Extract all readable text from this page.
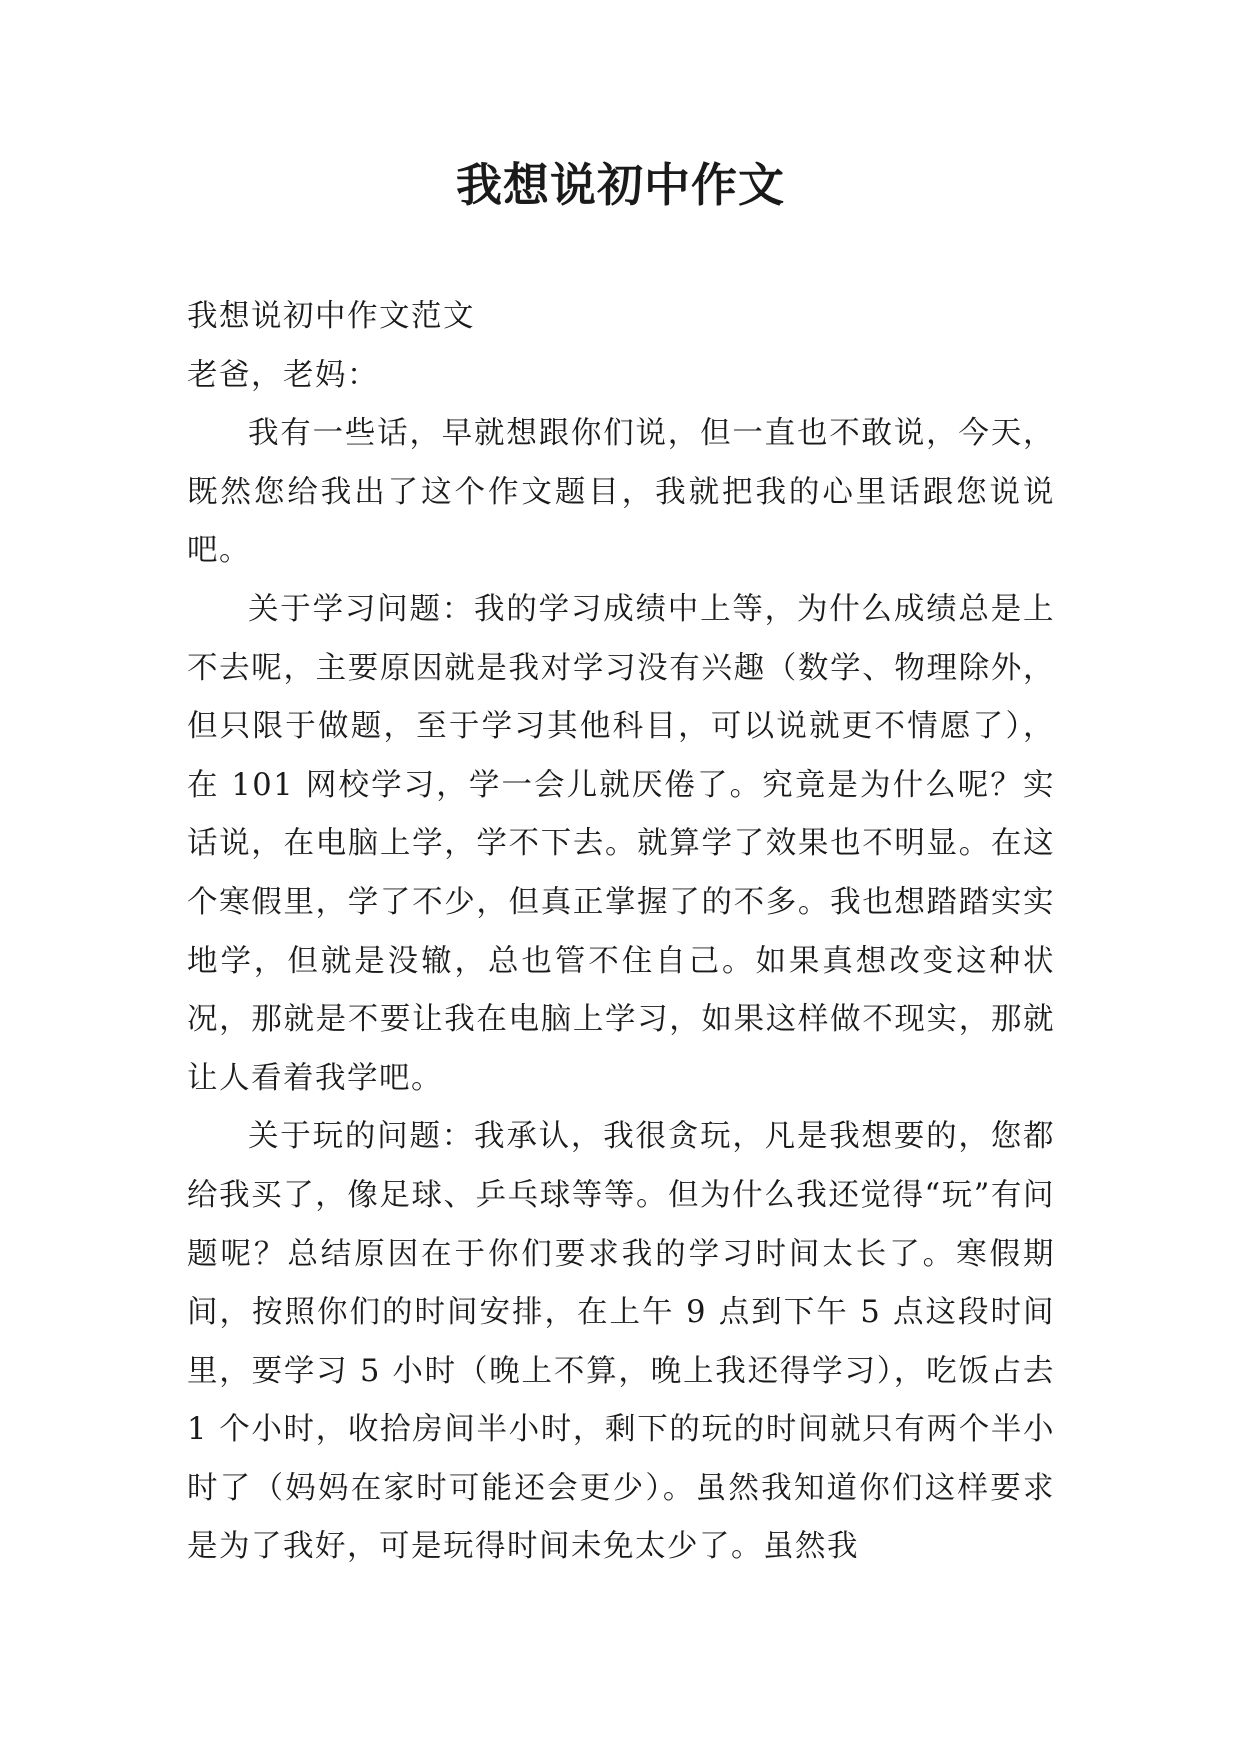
我想说初中作文

我想说初中作文范文

老爸，老妈：

我有一些话，早就想跟你们说，但一直也不敢说，今天，既然您给我出了这个作文题目，我就把我的心里话跟您说说吧。

关于学习问题：我的学习成绩中上等，为什么成绩总是上不去呢，主要原因就是我对学习没有兴趣（数学、物理除外，但只限于做题，至于学习其他科目，可以说就更不情愿了），在 101 网校学习，学一会儿就厌倦了。究竟是为什么呢？实话说，在电脑上学，学不下去。就算学了效果也不明显。在这个寒假里，学了不少，但真正掌握了的不多。我也想踏踏实实地学，但就是没辙，总也管不住自己。如果真想改变这种状况，那就是不要让我在电脑上学习，如果这样做不现实，那就让人看着我学吧。

关于玩的问题：我承认，我很贪玩，凡是我想要的，您都给我买了，像足球、乒乓球等等。但为什么我还觉得“玩”有问题呢？总结原因在于你们要求我的学习时间太长了。寒假期间，按照你们的时间安排，在上午 9 点到下午 5 点这段时间里，要学习 5 小时（晚上不算，晚上我还得学习），吃饭占去 1 个小时，收拾房间半小时，剩下的玩的时间就只有两个半小时了（妈妈在家时可能还会更少）。虽然我知道你们这样要求是为了我好，可是玩得时间未免太少了。虽然我
